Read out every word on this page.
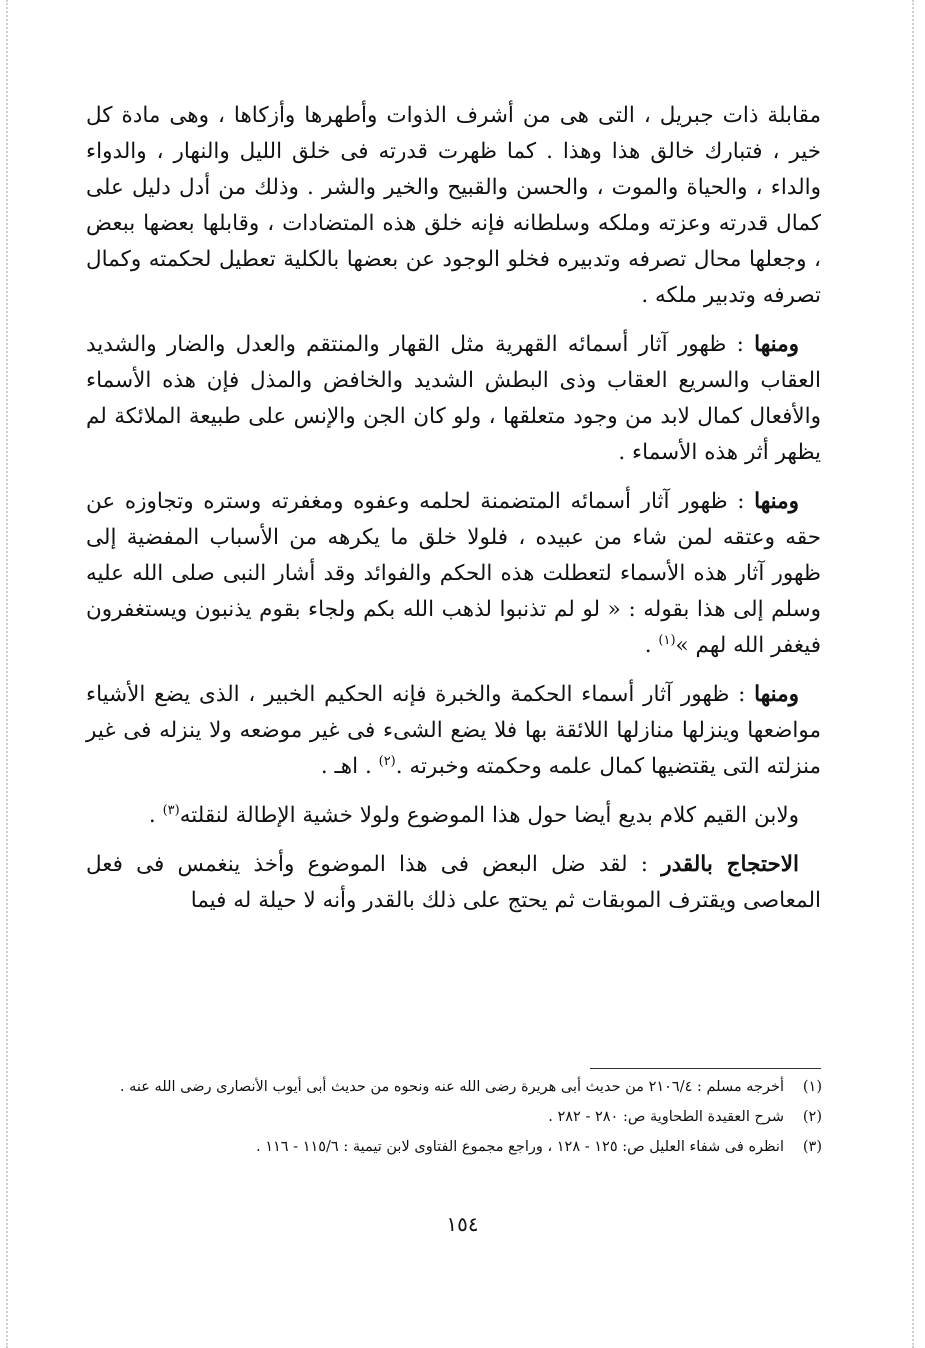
مقابلة ذات جبريل ، التى هى من أشرف الذوات وأطهرها وأزكاها ، وهى مادة كل خير ، فتبارك خالق هذا وهذا . كما ظهرت قدرته فى خلق الليل والنهار ، والدواء والداء ، والحياة والموت ، والحسن والقبيح والخير والشر . وذلك من أدل دليل على كمال قدرته وعزته وملكه وسلطانه فإنه خلق هذه المتضادات ، وقابلها بعضها ببعض ، وجعلها محال تصرفه وتدبيره فخلو الوجود عن بعضها بالكلية تعطيل لحكمته وكمال تصرفه وتدبير ملكه .

ومنها : ظهور آثار أسمائه القهرية مثل القهار والمنتقم والعدل والضار والشديد العقاب والسريع العقاب وذى البطش الشديد والخافض والمذل فإن هذه الأسماء والأفعال كمال لابد من وجود متعلقها ، ولو كان الجن والإنس على طبيعة الملائكة لم يظهر أثر هذه الأسماء .

ومنها : ظهور آثار أسمائه المتضمنة لحلمه وعفوه ومغفرته وستره وتجاوزه عن حقه وعتقه لمن شاء من عبيده ، فلولا خلق ما يكرهه من الأسباب المفضية إلى ظهور آثار هذه الأسماء لتعطلت هذه الحكم والفوائد وقد أشار النبى صلى الله عليه وسلم إلى هذا بقوله : « لو لم تذنبوا لذهب الله بكم ولجاء بقوم يذنبون ويستغفرون فيغفر الله لهم »$^{(١)}$ .

ومنها : ظهور آثار أسماء الحكمة والخبرة فإنه الحكيم الخبير ، الذى يضع الأشياء مواضعها وينزلها منازلها اللائقة بها فلا يضع الشىء فى غير موضعه ولا ينزله فى غير منزلته التى يقتضيها كمال علمه وحكمته وخبرته .$^{(٢)}$ . اهـ .

ولابن القيم كلام بديع أيضا حول هذا الموضوع ولولا خشية الإطالة لنقلته$^{(٣)}$ .

الاحتجاج بالقدر : لقد ضل البعض فى هذا الموضوع وأخذ ينغمس فى فعل المعاصى ويقترف الموبقات ثم يحتج على ذلك بالقدر وأنه لا حيلة له فيما

(١)أخرجه مسلم : ٢١٠٦/٤ من حديث أبى هريرة رضى الله عنه ونحوه من حديث أبى أيوب الأنصارى رضى الله عنه .

(٢)شرح العقيدة الطحاوية ص: ٢٨٠ - ٢٨٢ .

(٣)انظره فى شفاء العليل ص: ١٢٥ - ١٢٨ ، وراجع مجموع الفتاوى لابن تيمية : ١١٥/٦ - ١١٦ .

١٥٤
